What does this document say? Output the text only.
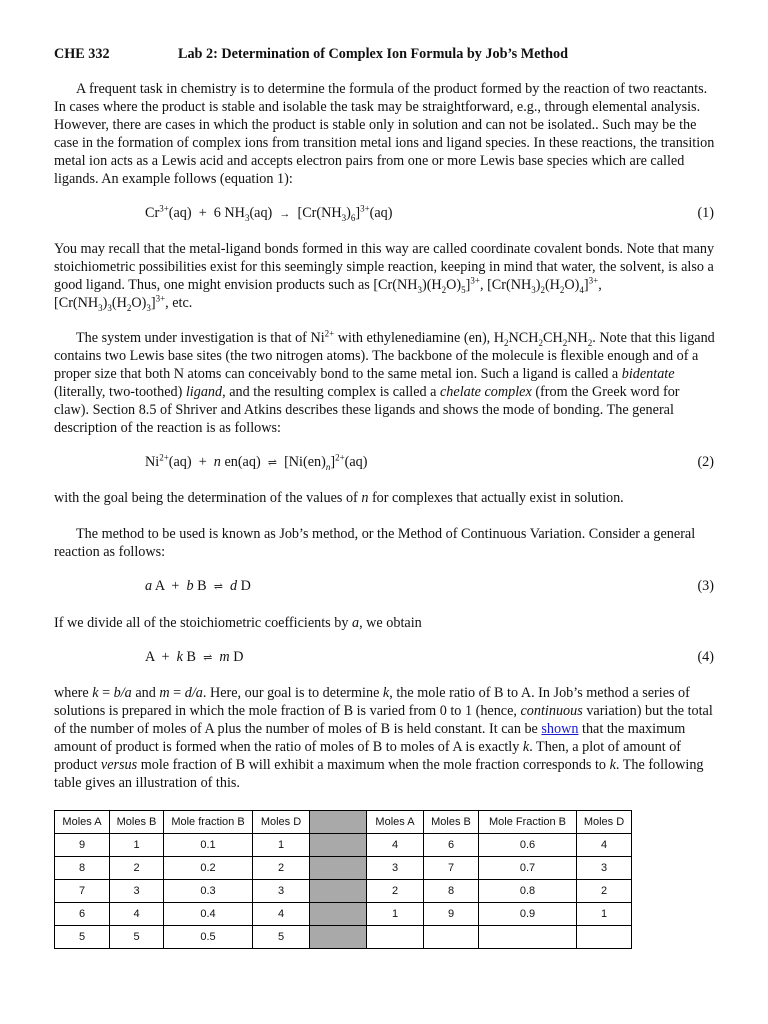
CHE 332	Lab 2: Determination of Complex Ion Formula by Job’s Method

A frequent task in chemistry is to determine the formula of the product formed by the reaction of two reactants. In cases where the product is stable and isolable the task may be straightforward, e.g., through elemental analysis. However, there are cases in which the product is stable only in solution and can not be isolated.. Such may be the case in the formation of complex ions from transition metal ions and ligand species. In these reactions, the transition metal ion acts as a Lewis acid and accepts electron pairs from one or more Lewis base species which are called ligands. An example follows (equation 1):

$Cr^{3+}(aq) + 6$ $NH_3(aq) \to [Cr(NH_3)_6]^{3+}(aq)$	(1)

You may recall that the metal-ligand bonds formed in this way are called coordinate covalent bonds. Note that many stoichiometric possibilities exist for this seemingly simple reaction, keeping in mind that water, the solvent, is also a good ligand. Thus, one might envision products such as $[Cr(NH_3)(H_2O)_5]^{3+}$, $[Cr(NH_3)_2(H_2O)_4]^{3+}$, $[Cr(NH_3)_3(H_2O)_3]^{3+}$, etc.

The system under investigation is that of $Ni^{2+}$ with ethylenediamine (en), $H_2NCH_2CH_2NH_2$. Note that this ligand contains two Lewis base sites (the two nitrogen atoms). The backbone of the molecule is flexible enough and of a proper size that both N atoms can conceivably bond to the same metal ion. Such a ligand is called a bidentate (literally, two-toothed) ligand, and the resulting complex is called a chelate complex (from the Greek word for claw). Section 8.5 of Shriver and Atkins describes these ligands and shows the mode of bonding. The general description of the reaction is as follows:

$Ni^{2+}(aq) + n$ en(aq)  ⇌  $[Ni(en)_n]^{2+}(aq)$	(2)

with the goal being the determination of the values of n for complexes that actually exist in solution.

The method to be used is known as Job’s method, or the Method of Continuous Variation. Consider a general reaction as follows:

a A  +  b B  ⇌ d D	(3)

If we divide all of the stoichiometric coefficients by a, we obtain

A  +  k B  ⇌ m D	(4)

where k = b/a and m = d/a. Here, our goal is to determine k, the mole ratio of B to A. In Job’s method a series of solutions is prepared in which the mole fraction of B is varied from 0 to 1 (hence, continuous variation) but the total of the number of moles of A plus the number of moles of B is held constant. It can be shown that the maximum amount of product is formed when the ratio of moles of B to moles of A is exactly k. Then, a plot of amount of product versus mole fraction of B will exhibit a maximum when the mole fraction corresponds to k. The following table gives an illustration of this.

Moles A	Moles B	Mole fraction B	Moles D		Moles A	Moles B	Mole Fraction B	Moles D
9	1	0.1	1		4	6	0.6	4
8	2	0.2	2		3	7	0.7	3
7	3	0.3	3		2	8	0.8	2
6	4	0.4	4		1	9	0.9	1
5	5	0.5	5					
